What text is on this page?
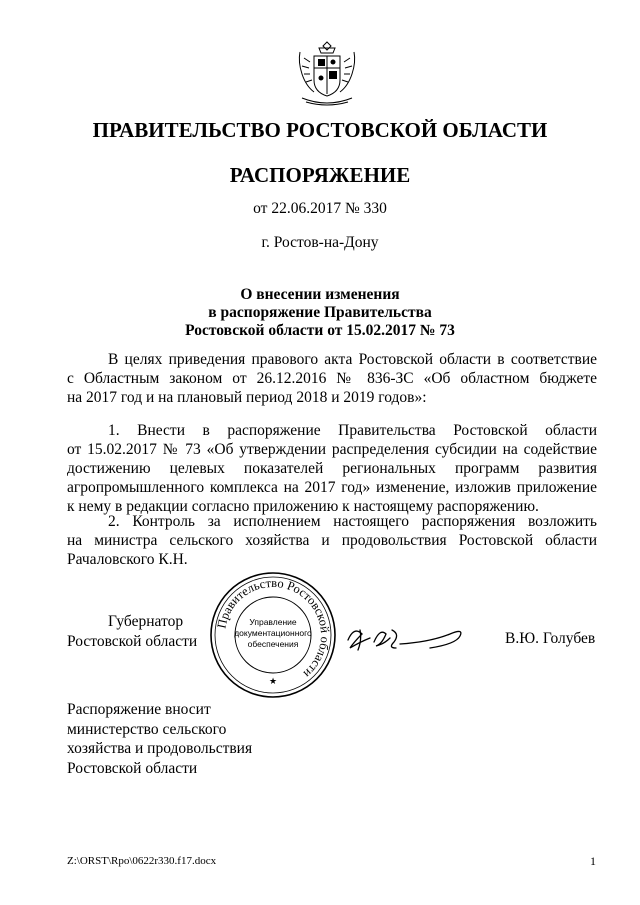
ПРАВИТЕЛЬСТВО РОСТОВСКОЙ ОБЛАСТИ
РАСПОРЯЖЕНИЕ
от 22.06.2017 № 330
г. Ростов-на-Дону
О внесении изменения
в распоряжение Правительства
Ростовской области от 15.02.2017 № 73
В целях приведения правового акта Ростовской области в соответствие
с Областным законом от 26.12.2016 № 836-ЗС «Об областном бюджете
на 2017 год и на плановый период 2018 и 2019 годов»:
1. Внести в распоряжение Правительства Ростовской области
от 15.02.2017 № 73 «Об утверждении распределения субсидии на содействие
достижению целевых показателей региональных программ развития
агропромышленного комплекса на 2017 год» изменение, изложив приложение
к нему в редакции согласно приложению к настоящему распоряжению.
2. Контроль за исполнением настоящего распоряжения возложить
на министра сельского хозяйства и продовольствия Ростовской области
Рачаловского К.Н.
Губернатор
Ростовской области
Правительство Ростовской области
Управление
документационного
обеспечения
★
В.Ю. Голубев
Распоряжение вносит
министерство сельского
хозяйства и продовольствия
Ростовской области
Z:\ORST\Rpo\0622r330.f17.docx	1
